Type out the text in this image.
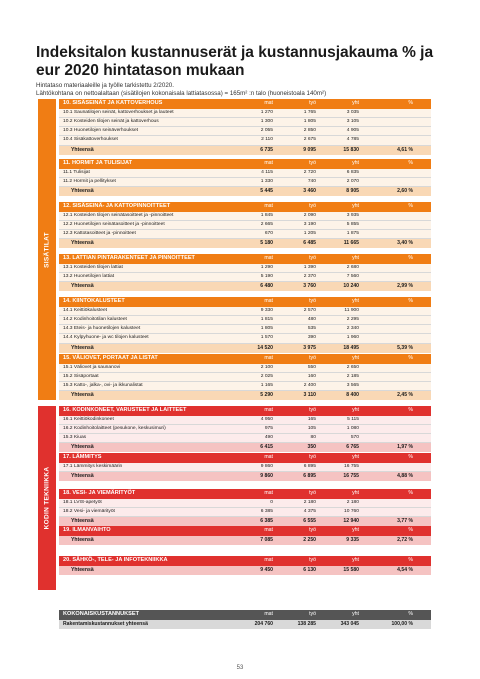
Indeksitalon kustannuserät ja kustannusjakauma % ja eur 2020 hintatason mukaan
Hintataso materiaaleille ja työlle tarkistettu 2/2020.
Lähtökohtana on nettoalaltaan (sisätilojen kokonaisala lattiatasossa) = 165m² :n talo (huoneistoala 140m²)
SISÄTILAT
KODIN TEKNIIKKA
10. SISÄSEINÄT JA KATTOVERHOUS	mat	työ	yht	%
10.1 Saunatilojen seinät, kattoverhoukset ja lauteet	1 270	1 765	3 035
10.2 Kosteiden tilojen seinät ja kattoverhous	1 300	1 805	3 105
10.3 Huonetilojen seinäverhoukset	2 055	2 850	4 905
10.4 Sisäkattoverhoukset	2 110	2 675	4 785
Yhteensä	6 735	9 095	15 830	4,61 %
11. HORMIT JA TULISIJAT	mat	työ	yht	%
11.1 Tulisijat	4 115	2 720	6 835
11.2 Hormit ja pellitykset	1 330	740	2 070
Yhteensä	5 445	3 460	8 905	2,60 %
12. SISÄSEINÄ- JA KATTOPINNOITTEET	mat	työ	yht	%
12.1 Kosteiden tilojen seinätasoitteet ja -pinnoitteet	1 845	2 090	3 935
12.2 Huonetilojen seinätasoitteet ja -pinnoitteet	2 665	3 190	5 855
12.3 Kattotasoitteet ja -pinnoitteet	670	1 205	1 875
Yhteensä	5 180	6 485	11 665	3,40 %
13. LATTIAN PINTARAKENTEET JA PINNOITTEET	mat	työ	yht	%
13.1 Kosteiden tilojen lattiat	1 290	1 390	2 680
13.2 Huonetilojen lattiat	5 190	2 370	7 560
Yhteensä	6 480	3 760	10 240	2,99 %
14. KIINTOKALUSTEET	mat	työ	yht	%
14.1 Keittiökalusteet	9 330	2 570	11 900
14.2 Kodinhoitotilan kalusteet	1 815	480	2 295
14.3 Eteis- ja huonetilojen kalusteet	1 805	535	2 340
14.4 Kylpyhuone- ja wc tilojen kalusteet	1 570	390	1 960
Yhteensä	14 520	3 975	18 495	5,39 %
15. VÄLIOVET, PORTAAT JA LISTAT	mat	työ	yht	%
15.1 Väliovet ja saunanovi	2 100	550	2 650
15.2 Sisäportaat	2 025	160	2 185
15.3 Katto-, jalka-, ovi- ja ikkunalistat	1 165	2 400	3 565
Yhteensä	5 290	3 110	8 400	2,45 %
16. KODINKONEET, VARUSTEET JA LAITTEET	mat	työ	yht	%
16.1 Keittiökodinkoneet	4 950	165	5 115
16.2 Kodinhoitolaitteet (pesukone, keskusimuri)	975	105	1 080
15.3 Kiuas	490	80	570
Yhteensä	6 415	350	6 765	1,97 %
17. LÄMMITYS	mat	työ	yht	%
17.1 Lämmitys keskimäärin	9 860	6 895	16 755
Yhteensä	9 860	6 895	16 755	4,88 %
18. VESI- JA VIEMÄRITYÖT	mat	työ	yht	%
18.1 LVIS-apetyöt	0	2 180	2 180
18.2 Vesi- ja viemärityöt	6 385	4 375	10 760
Yhteensä	6 385	6 555	12 940	3,77 %
19. ILMANVAIHTO	mat	työ	yht	%
Yhteensä	7 085	2 250	9 335	2,72 %
20. SÄHKÖ-, TELE- JA INFOTEKNIIKKA	mat	työ	yht	%
Yhteensä	9 450	6 130	15 580	4,54 %
KOKONAISKUSTANNUKSET	mat	työ	yht	%
Rakentamiskustannukset yhteensä	204 760	138 285	343 045	100,00 %
53
